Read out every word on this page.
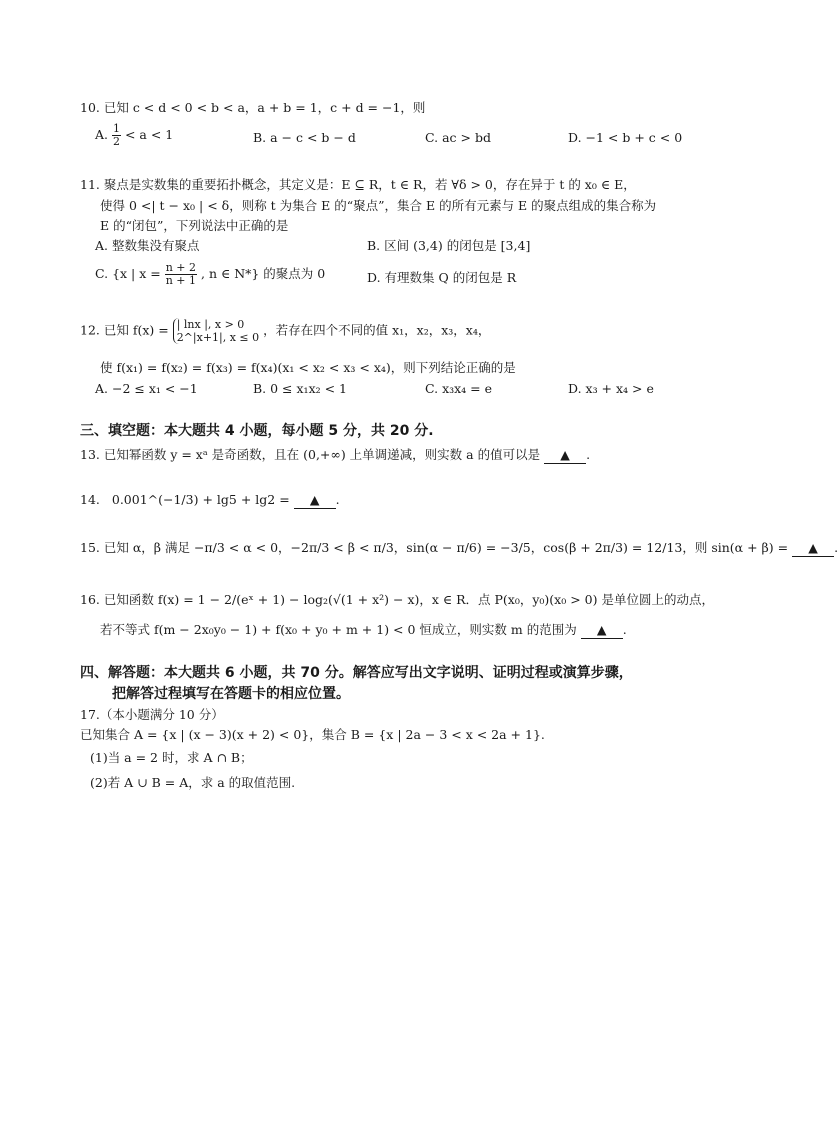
10. 已知 c < d < 0 < b < a，a + b = 1，c + d = −1，则
A. $\frac{1}{2} < a < 1$	B. a − c < b − d	C. ac > bd	D. −1 < b + c < 0
11. 聚点是实数集的重要拓扑概念，其定义是：E ⊆ R，t ∈ R，若 ∀δ > 0，存在异于 t 的 x₀ ∈ E，
使得 0 <| t − x₀ | < δ，则称 t 为集合 E 的“聚点”，集合 E 的所有元素与 E 的聚点组成的集合称为
E 的“闭包”，下列说法中正确的是
A. 整数集没有聚点	B. 区间 (3,4) 的闭包是 [3,4]
C. {x | $x = \frac{n + 2}{n + 1}$ , n ∈ N*} 的聚点为 0	D. 有理数集 Q 的闭包是 R
12. 已知 f(x) = | lnx |, x > 0
2^|x+1|, x ≤ 0 ，若存在四个不同的值 x₁，x₂，x₃，x₄，
使 f(x₁) = f(x₂) = f(x₃) = f(x₄)(x₁ < x₂ < x₃ < x₄)，则下列结论正确的是
A. −2 ≤ x₁ < −1	B. 0 ≤ x₁x₂ < 1	C. x₃x₄ = e	D. x₃ + x₄ > e
三、填空题：本大题共 4 小题，每小题 5 分，共 20 分.
13. 已知幂函数 y = xᵃ 是奇函数，且在 (0,+∞) 上单调递减，则实数 a 的值可以是 ▲ .
14. 0.001^(−1/3) + lg5 + lg2 = ▲ .
15. 已知 α，β 满足 −π/3 < α < 0，−2π/3 < β < π/3，sin(α − π/6) = −3/5，cos(β + 2π/3) = 12/13，则 sin(α + β) = ▲ .
16. 已知函数 f(x) = 1 − 2/(eˣ + 1) − log₂(√(1 + x²) − x)，x ∈ R．点 P(x₀，y₀)(x₀ > 0) 是单位圆上的动点，
若不等式 f(m − 2x₀y₀ − 1) + f(x₀ + y₀ + m + 1) < 0 恒成立，则实数 m 的范围为 ▲ .
四、解答题：本大题共 6 小题，共 70 分。解答应写出文字说明、证明过程或演算步骤，
把解答过程填写在答题卡的相应位置。
17.（本小题满分 10 分）
已知集合 A = {x | (x − 3)(x + 2) < 0}，集合 B = {x | 2a − 3 < x < 2a + 1}.
(1)当 a = 2 时，求 A ∩ B；
(2)若 A ∪ B = A，求 a 的取值范围.
